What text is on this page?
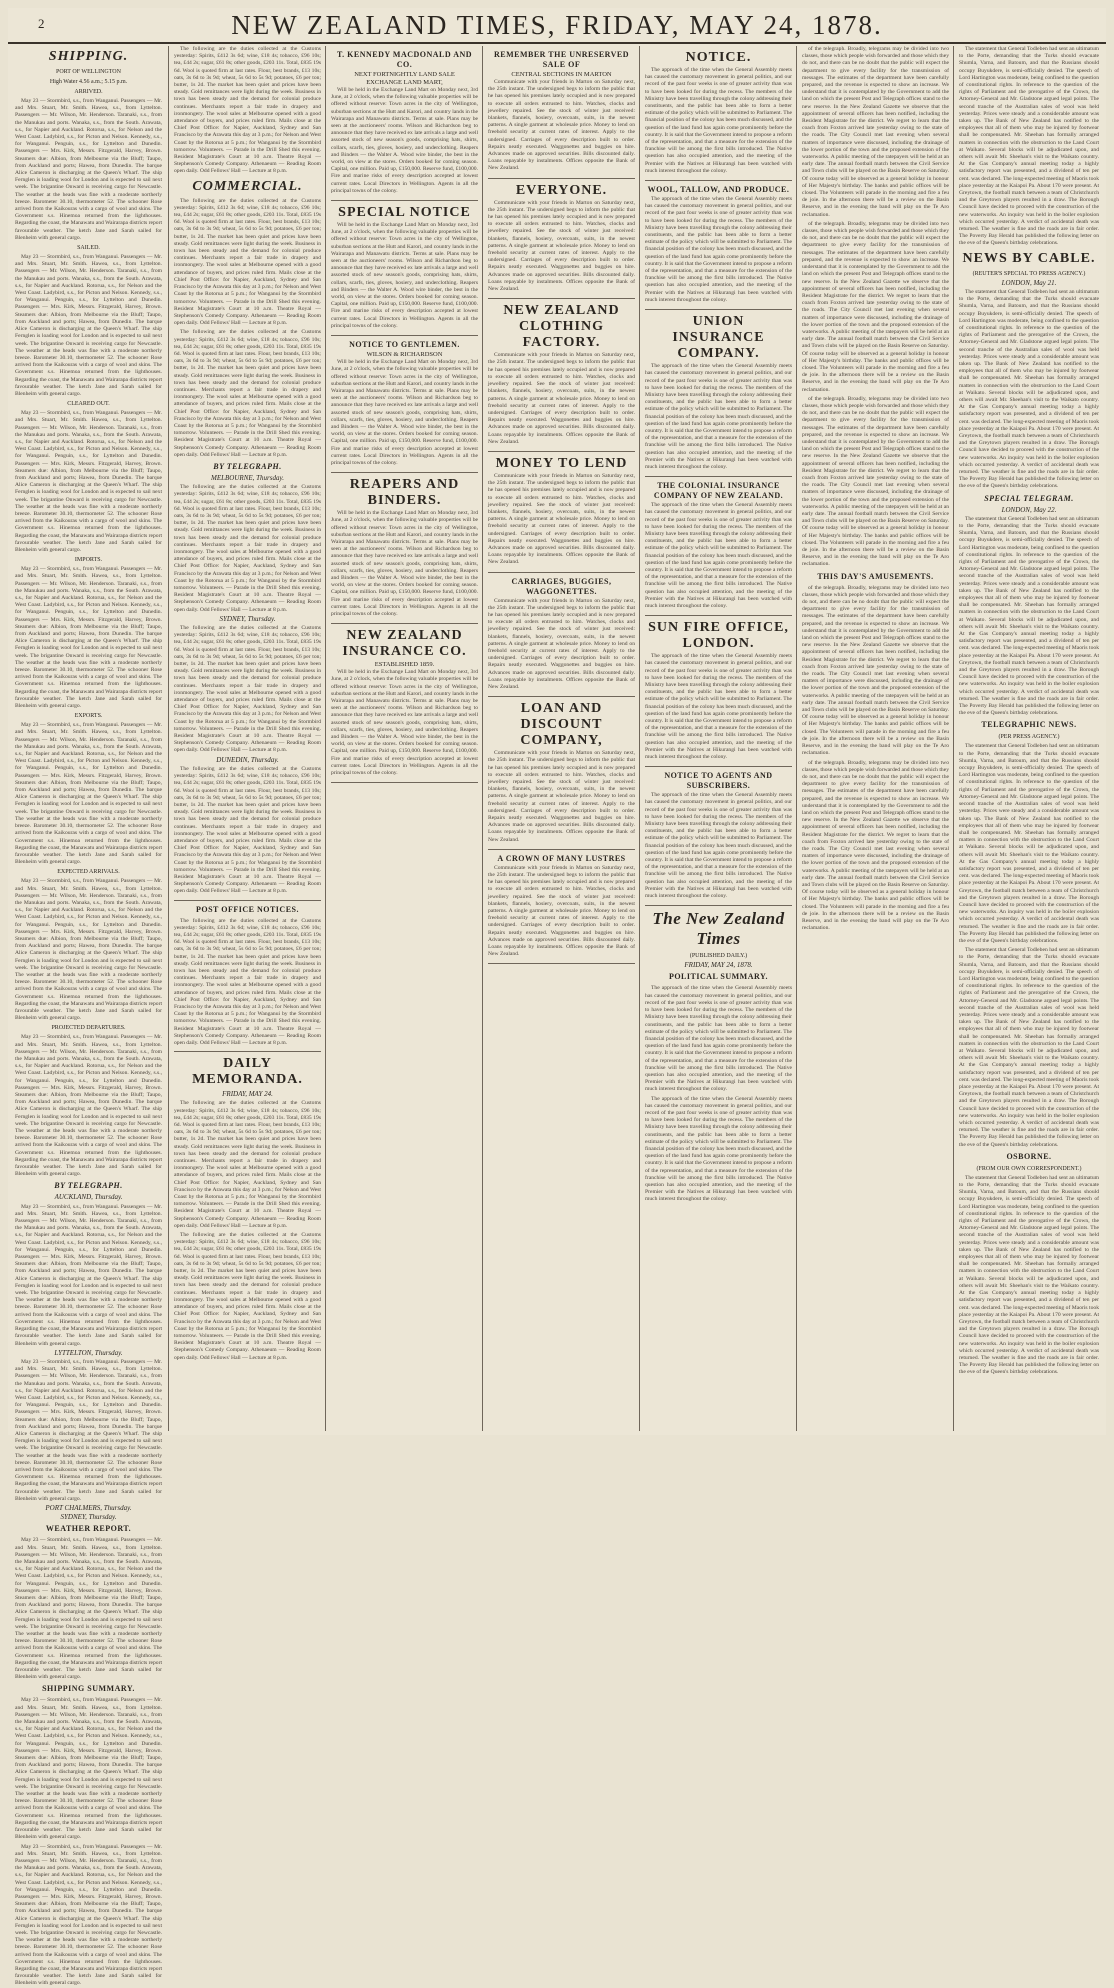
2	NEW ZEALAND TIMES, FRIDAY, MAY 24, 1878.
SHIPPING.
PORT OF WELLINGTON
High Water 4.56 a.m.; 5.15 p.m.
ARRIVED.

May 23 — Stormbird, s.s., from Wanganui. Passengers — Mr. and Mrs. Stuart, Mr. Smith. Hawea, s.s., from Lyttelton. Passengers — Mr. Wilson, Mr. Henderson. Taranaki, s.s., from the Manukau and ports. Wanaka, s.s., from the South. Arawata, s.s., for Napier and Auckland. Rotorua, s.s., for Nelson and the West Coast. Ladybird, s.s., for Picton and Nelson. Kennedy, s.s., for Wanganui. Penguin, s.s., for Lyttelton and Dunedin. Passengers — Mrs. Kirk, Messrs. Fitzgerald, Harvey, Brown. Steamers due: Albion, from Melbourne via the Bluff; Taupo, from Auckland and ports; Hawea, from Dunedin. The barque Alice Cameron is discharging at the Queen's Wharf. The ship Fernglen is loading wool for London and is expected to sail next week. The brigantine Onward is receiving cargo for Newcastle. The weather at the heads was fine with a moderate northerly breeze. Barometer 30.10, thermometer 52. The schooner Rose arrived from the Kaikouras with a cargo of wool and skins. The Government s.s. Hinemoa returned from the lighthouses. Regarding the coast, the Manawatu and Wairarapa districts report favourable weather. The ketch Jane and Sarah sailed for Blenheim with general cargo.

SAILED.

May 23 — Stormbird, s.s., from Wanganui. Passengers — Mr. and Mrs. Stuart, Mr. Smith. Hawea, s.s., from Lyttelton. Passengers — Mr. Wilson, Mr. Henderson. Taranaki, s.s., from the Manukau and ports. Wanaka, s.s., from the South. Arawata, s.s., for Napier and Auckland. Rotorua, s.s., for Nelson and the West Coast. Ladybird, s.s., for Picton and Nelson. Kennedy, s.s., for Wanganui. Penguin, s.s., for Lyttelton and Dunedin. Passengers — Mrs. Kirk, Messrs. Fitzgerald, Harvey, Brown. Steamers due: Albion, from Melbourne via the Bluff; Taupo, from Auckland and ports; Hawea, from Dunedin. The barque Alice Cameron is discharging at the Queen's Wharf. The ship Fernglen is loading wool for London and is expected to sail next week. The brigantine Onward is receiving cargo for Newcastle. The weather at the heads was fine with a moderate northerly breeze. Barometer 30.10, thermometer 52. The schooner Rose arrived from the Kaikouras with a cargo of wool and skins. The Government s.s. Hinemoa returned from the lighthouses. Regarding the coast, the Manawatu and Wairarapa districts report favourable weather. The ketch Jane and Sarah sailed for Blenheim with general cargo.

CLEARED OUT.

May 23 — Stormbird, s.s., from Wanganui. Passengers — Mr. and Mrs. Stuart, Mr. Smith. Hawea, s.s., from Lyttelton. Passengers — Mr. Wilson, Mr. Henderson. Taranaki, s.s., from the Manukau and ports. Wanaka, s.s., from the South. Arawata, s.s., for Napier and Auckland. Rotorua, s.s., for Nelson and the West Coast. Ladybird, s.s., for Picton and Nelson. Kennedy, s.s., for Wanganui. Penguin, s.s., for Lyttelton and Dunedin. Passengers — Mrs. Kirk, Messrs. Fitzgerald, Harvey, Brown. Steamers due: Albion, from Melbourne via the Bluff; Taupo, from Auckland and ports; Hawea, from Dunedin. The barque Alice Cameron is discharging at the Queen's Wharf. The ship Fernglen is loading wool for London and is expected to sail next week. The brigantine Onward is receiving cargo for Newcastle. The weather at the heads was fine with a moderate northerly breeze. Barometer 30.10, thermometer 52. The schooner Rose arrived from the Kaikouras with a cargo of wool and skins. The Government s.s. Hinemoa returned from the lighthouses. Regarding the coast, the Manawatu and Wairarapa districts report favourable weather. The ketch Jane and Sarah sailed for Blenheim with general cargo.

IMPORTS.

May 23 — Stormbird, s.s., from Wanganui. Passengers — Mr. and Mrs. Stuart, Mr. Smith. Hawea, s.s., from Lyttelton. Passengers — Mr. Wilson, Mr. Henderson. Taranaki, s.s., from the Manukau and ports. Wanaka, s.s., from the South. Arawata, s.s., for Napier and Auckland. Rotorua, s.s., for Nelson and the West Coast. Ladybird, s.s., for Picton and Nelson. Kennedy, s.s., for Wanganui. Penguin, s.s., for Lyttelton and Dunedin. Passengers — Mrs. Kirk, Messrs. Fitzgerald, Harvey, Brown. Steamers due: Albion, from Melbourne via the Bluff; Taupo, from Auckland and ports; Hawea, from Dunedin. The barque Alice Cameron is discharging at the Queen's Wharf. The ship Fernglen is loading wool for London and is expected to sail next week. The brigantine Onward is receiving cargo for Newcastle. The weather at the heads was fine with a moderate northerly breeze. Barometer 30.10, thermometer 52. The schooner Rose arrived from the Kaikouras with a cargo of wool and skins. The Government s.s. Hinemoa returned from the lighthouses. Regarding the coast, the Manawatu and Wairarapa districts report favourable weather. The ketch Jane and Sarah sailed for Blenheim with general cargo.

EXPORTS.

May 23 — Stormbird, s.s., from Wanganui. Passengers — Mr. and Mrs. Stuart, Mr. Smith. Hawea, s.s., from Lyttelton. Passengers — Mr. Wilson, Mr. Henderson. Taranaki, s.s., from the Manukau and ports. Wanaka, s.s., from the South. Arawata, s.s., for Napier and Auckland. Rotorua, s.s., for Nelson and the West Coast. Ladybird, s.s., for Picton and Nelson. Kennedy, s.s., for Wanganui. Penguin, s.s., for Lyttelton and Dunedin. Passengers — Mrs. Kirk, Messrs. Fitzgerald, Harvey, Brown. Steamers due: Albion, from Melbourne via the Bluff; Taupo, from Auckland and ports; Hawea, from Dunedin. The barque Alice Cameron is discharging at the Queen's Wharf. The ship Fernglen is loading wool for London and is expected to sail next week. The brigantine Onward is receiving cargo for Newcastle. The weather at the heads was fine with a moderate northerly breeze. Barometer 30.10, thermometer 52. The schooner Rose arrived from the Kaikouras with a cargo of wool and skins. The Government s.s. Hinemoa returned from the lighthouses. Regarding the coast, the Manawatu and Wairarapa districts report favourable weather. The ketch Jane and Sarah sailed for Blenheim with general cargo.

EXPECTED ARRIVALS.

May 23 — Stormbird, s.s., from Wanganui. Passengers — Mr. and Mrs. Stuart, Mr. Smith. Hawea, s.s., from Lyttelton. Passengers — Mr. Wilson, Mr. Henderson. Taranaki, s.s., from the Manukau and ports. Wanaka, s.s., from the South. Arawata, s.s., for Napier and Auckland. Rotorua, s.s., for Nelson and the West Coast. Ladybird, s.s., for Picton and Nelson. Kennedy, s.s., for Wanganui. Penguin, s.s., for Lyttelton and Dunedin. Passengers — Mrs. Kirk, Messrs. Fitzgerald, Harvey, Brown. Steamers due: Albion, from Melbourne via the Bluff; Taupo, from Auckland and ports; Hawea, from Dunedin. The barque Alice Cameron is discharging at the Queen's Wharf. The ship Fernglen is loading wool for London and is expected to sail next week. The brigantine Onward is receiving cargo for Newcastle. The weather at the heads was fine with a moderate northerly breeze. Barometer 30.10, thermometer 52. The schooner Rose arrived from the Kaikouras with a cargo of wool and skins. The Government s.s. Hinemoa returned from the lighthouses. Regarding the coast, the Manawatu and Wairarapa districts report favourable weather. The ketch Jane and Sarah sailed for Blenheim with general cargo.

PROJECTED DEPARTURES.

May 23 — Stormbird, s.s., from Wanganui. Passengers — Mr. and Mrs. Stuart, Mr. Smith. Hawea, s.s., from Lyttelton. Passengers — Mr. Wilson, Mr. Henderson. Taranaki, s.s., from the Manukau and ports. Wanaka, s.s., from the South. Arawata, s.s., for Napier and Auckland. Rotorua, s.s., for Nelson and the West Coast. Ladybird, s.s., for Picton and Nelson. Kennedy, s.s., for Wanganui. Penguin, s.s., for Lyttelton and Dunedin. Passengers — Mrs. Kirk, Messrs. Fitzgerald, Harvey, Brown. Steamers due: Albion, from Melbourne via the Bluff; Taupo, from Auckland and ports; Hawea, from Dunedin. The barque Alice Cameron is discharging at the Queen's Wharf. The ship Fernglen is loading wool for London and is expected to sail next week. The brigantine Onward is receiving cargo for Newcastle. The weather at the heads was fine with a moderate northerly breeze. Barometer 30.10, thermometer 52. The schooner Rose arrived from the Kaikouras with a cargo of wool and skins. The Government s.s. Hinemoa returned from the lighthouses. Regarding the coast, the Manawatu and Wairarapa districts report favourable weather. The ketch Jane and Sarah sailed for Blenheim with general cargo.

BY TELEGRAPH.
AUCKLAND, Thursday.

May 23 — Stormbird, s.s., from Wanganui. Passengers — Mr. and Mrs. Stuart, Mr. Smith. Hawea, s.s., from Lyttelton. Passengers — Mr. Wilson, Mr. Henderson. Taranaki, s.s., from the Manukau and ports. Wanaka, s.s., from the South. Arawata, s.s., for Napier and Auckland. Rotorua, s.s., for Nelson and the West Coast. Ladybird, s.s., for Picton and Nelson. Kennedy, s.s., for Wanganui. Penguin, s.s., for Lyttelton and Dunedin. Passengers — Mrs. Kirk, Messrs. Fitzgerald, Harvey, Brown. Steamers due: Albion, from Melbourne via the Bluff; Taupo, from Auckland and ports; Hawea, from Dunedin. The barque Alice Cameron is discharging at the Queen's Wharf. The ship Fernglen is loading wool for London and is expected to sail next week. The brigantine Onward is receiving cargo for Newcastle. The weather at the heads was fine with a moderate northerly breeze. Barometer 30.10, thermometer 52. The schooner Rose arrived from the Kaikouras with a cargo of wool and skins. The Government s.s. Hinemoa returned from the lighthouses. Regarding the coast, the Manawatu and Wairarapa districts report favourable weather. The ketch Jane and Sarah sailed for Blenheim with general cargo.

LYTTELTON, Thursday.

May 23 — Stormbird, s.s., from Wanganui. Passengers — Mr. and Mrs. Stuart, Mr. Smith. Hawea, s.s., from Lyttelton. Passengers — Mr. Wilson, Mr. Henderson. Taranaki, s.s., from the Manukau and ports. Wanaka, s.s., from the South. Arawata, s.s., for Napier and Auckland. Rotorua, s.s., for Nelson and the West Coast. Ladybird, s.s., for Picton and Nelson. Kennedy, s.s., for Wanganui. Penguin, s.s., for Lyttelton and Dunedin. Passengers — Mrs. Kirk, Messrs. Fitzgerald, Harvey, Brown. Steamers due: Albion, from Melbourne via the Bluff; Taupo, from Auckland and ports; Hawea, from Dunedin. The barque Alice Cameron is discharging at the Queen's Wharf. The ship Fernglen is loading wool for London and is expected to sail next week. The brigantine Onward is receiving cargo for Newcastle. The weather at the heads was fine with a moderate northerly breeze. Barometer 30.10, thermometer 52. The schooner Rose arrived from the Kaikouras with a cargo of wool and skins. The Government s.s. Hinemoa returned from the lighthouses. Regarding the coast, the Manawatu and Wairarapa districts report favourable weather. The ketch Jane and Sarah sailed for Blenheim with general cargo.

PORT CHALMERS, Thursday.
SYDNEY, Thursday.
WEATHER REPORT.

May 23 — Stormbird, s.s., from Wanganui. Passengers — Mr. and Mrs. Stuart, Mr. Smith. Hawea, s.s., from Lyttelton. Passengers — Mr. Wilson, Mr. Henderson. Taranaki, s.s., from the Manukau and ports. Wanaka, s.s., from the South. Arawata, s.s., for Napier and Auckland. Rotorua, s.s., for Nelson and the West Coast. Ladybird, s.s., for Picton and Nelson. Kennedy, s.s., for Wanganui. Penguin, s.s., for Lyttelton and Dunedin. Passengers — Mrs. Kirk, Messrs. Fitzgerald, Harvey, Brown. Steamers due: Albion, from Melbourne via the Bluff; Taupo, from Auckland and ports; Hawea, from Dunedin. The barque Alice Cameron is discharging at the Queen's Wharf. The ship Fernglen is loading wool for London and is expected to sail next week. The brigantine Onward is receiving cargo for Newcastle. The weather at the heads was fine with a moderate northerly breeze. Barometer 30.10, thermometer 52. The schooner Rose arrived from the Kaikouras with a cargo of wool and skins. The Government s.s. Hinemoa returned from the lighthouses. Regarding the coast, the Manawatu and Wairarapa districts report favourable weather. The ketch Jane and Sarah sailed for Blenheim with general cargo.

SHIPPING SUMMARY.

May 23 — Stormbird, s.s., from Wanganui. Passengers — Mr. and Mrs. Stuart, Mr. Smith. Hawea, s.s., from Lyttelton. Passengers — Mr. Wilson, Mr. Henderson. Taranaki, s.s., from the Manukau and ports. Wanaka, s.s., from the South. Arawata, s.s., for Napier and Auckland. Rotorua, s.s., for Nelson and the West Coast. Ladybird, s.s., for Picton and Nelson. Kennedy, s.s., for Wanganui. Penguin, s.s., for Lyttelton and Dunedin. Passengers — Mrs. Kirk, Messrs. Fitzgerald, Harvey, Brown. Steamers due: Albion, from Melbourne via the Bluff; Taupo, from Auckland and ports; Hawea, from Dunedin. The barque Alice Cameron is discharging at the Queen's Wharf. The ship Fernglen is loading wool for London and is expected to sail next week. The brigantine Onward is receiving cargo for Newcastle. The weather at the heads was fine with a moderate northerly breeze. Barometer 30.10, thermometer 52. The schooner Rose arrived from the Kaikouras with a cargo of wool and skins. The Government s.s. Hinemoa returned from the lighthouses. Regarding the coast, the Manawatu and Wairarapa districts report favourable weather. The ketch Jane and Sarah sailed for Blenheim with general cargo.

May 23 — Stormbird, s.s., from Wanganui. Passengers — Mr. and Mrs. Stuart, Mr. Smith. Hawea, s.s., from Lyttelton. Passengers — Mr. Wilson, Mr. Henderson. Taranaki, s.s., from the Manukau and ports. Wanaka, s.s., from the South. Arawata, s.s., for Napier and Auckland. Rotorua, s.s., for Nelson and the West Coast. Ladybird, s.s., for Picton and Nelson. Kennedy, s.s., for Wanganui. Penguin, s.s., for Lyttelton and Dunedin. Passengers — Mrs. Kirk, Messrs. Fitzgerald, Harvey, Brown. Steamers due: Albion, from Melbourne via the Bluff; Taupo, from Auckland and ports; Hawea, from Dunedin. The barque Alice Cameron is discharging at the Queen's Wharf. The ship Fernglen is loading wool for London and is expected to sail next week. The brigantine Onward is receiving cargo for Newcastle. The weather at the heads was fine with a moderate northerly breeze. Barometer 30.10, thermometer 52. The schooner Rose arrived from the Kaikouras with a cargo of wool and skins. The Government s.s. Hinemoa returned from the lighthouses. Regarding the coast, the Manawatu and Wairarapa districts report favourable weather. The ketch Jane and Sarah sailed for Blenheim with general cargo.

The following are the duties collected at the Customs yesterday: Spirits, £412 3s 6d; wine, £18 4s; tobacco, £96 10s; tea, £44 2s; sugar, £61 8s; other goods, £203 11s. Total, £835 19s 6d. Wool is quoted firm at last rates. Flour, best brands, £13 10s; oats, 3s 6d to 3s 9d; wheat, 5s 6d to 5s 9d; potatoes, £6 per ton; butter, 1s 2d. The market has been quiet and prices have been steady. Gold remittances were light during the week. Business in town has been steady and the demand for colonial produce continues. Merchants report a fair trade in drapery and ironmongery. The wool sales at Melbourne opened with a good attendance of buyers, and prices ruled firm. Mails close at the Chief Post Office: for Napier, Auckland, Sydney and San Francisco by the Arawata this day at 3 p.m.; for Nelson and West Coast by the Rotorua at 5 p.m.; for Wanganui by the Stormbird tomorrow. Volunteers. — Parade in the Drill Shed this evening. Resident Magistrate's Court at 10 a.m. Theatre Royal — Stephenson's Comedy Company. Athenaeum — Reading Room open daily. Odd Fellows' Hall — Lecture at 8 p.m.

COMMERCIAL.

The following are the duties collected at the Customs yesterday: Spirits, £412 3s 6d; wine, £18 4s; tobacco, £96 10s; tea, £44 2s; sugar, £61 8s; other goods, £203 11s. Total, £835 19s 6d. Wool is quoted firm at last rates. Flour, best brands, £13 10s; oats, 3s 6d to 3s 9d; wheat, 5s 6d to 5s 9d; potatoes, £6 per ton; butter, 1s 2d. The market has been quiet and prices have been steady. Gold remittances were light during the week. Business in town has been steady and the demand for colonial produce continues. Merchants report a fair trade in drapery and ironmongery. The wool sales at Melbourne opened with a good attendance of buyers, and prices ruled firm. Mails close at the Chief Post Office: for Napier, Auckland, Sydney and San Francisco by the Arawata this day at 3 p.m.; for Nelson and West Coast by the Rotorua at 5 p.m.; for Wanganui by the Stormbird tomorrow. Volunteers. — Parade in the Drill Shed this evening. Resident Magistrate's Court at 10 a.m. Theatre Royal — Stephenson's Comedy Company. Athenaeum — Reading Room open daily. Odd Fellows' Hall — Lecture at 8 p.m.

The following are the duties collected at the Customs yesterday: Spirits, £412 3s 6d; wine, £18 4s; tobacco, £96 10s; tea, £44 2s; sugar, £61 8s; other goods, £203 11s. Total, £835 19s 6d. Wool is quoted firm at last rates. Flour, best brands, £13 10s; oats, 3s 6d to 3s 9d; wheat, 5s 6d to 5s 9d; potatoes, £6 per ton; butter, 1s 2d. The market has been quiet and prices have been steady. Gold remittances were light during the week. Business in town has been steady and the demand for colonial produce continues. Merchants report a fair trade in drapery and ironmongery. The wool sales at Melbourne opened with a good attendance of buyers, and prices ruled firm. Mails close at the Chief Post Office: for Napier, Auckland, Sydney and San Francisco by the Arawata this day at 3 p.m.; for Nelson and West Coast by the Rotorua at 5 p.m.; for Wanganui by the Stormbird tomorrow. Volunteers. — Parade in the Drill Shed this evening. Resident Magistrate's Court at 10 a.m. Theatre Royal — Stephenson's Comedy Company. Athenaeum — Reading Room open daily. Odd Fellows' Hall — Lecture at 8 p.m.

BY TELEGRAPH.
MELBOURNE, Thursday.

The following are the duties collected at the Customs yesterday: Spirits, £412 3s 6d; wine, £18 4s; tobacco, £96 10s; tea, £44 2s; sugar, £61 8s; other goods, £203 11s. Total, £835 19s 6d. Wool is quoted firm at last rates. Flour, best brands, £13 10s; oats, 3s 6d to 3s 9d; wheat, 5s 6d to 5s 9d; potatoes, £6 per ton; butter, 1s 2d. The market has been quiet and prices have been steady. Gold remittances were light during the week. Business in town has been steady and the demand for colonial produce continues. Merchants report a fair trade in drapery and ironmongery. The wool sales at Melbourne opened with a good attendance of buyers, and prices ruled firm. Mails close at the Chief Post Office: for Napier, Auckland, Sydney and San Francisco by the Arawata this day at 3 p.m.; for Nelson and West Coast by the Rotorua at 5 p.m.; for Wanganui by the Stormbird tomorrow. Volunteers. — Parade in the Drill Shed this evening. Resident Magistrate's Court at 10 a.m. Theatre Royal — Stephenson's Comedy Company. Athenaeum — Reading Room open daily. Odd Fellows' Hall — Lecture at 8 p.m.

SYDNEY, Thursday.

The following are the duties collected at the Customs yesterday: Spirits, £412 3s 6d; wine, £18 4s; tobacco, £96 10s; tea, £44 2s; sugar, £61 8s; other goods, £203 11s. Total, £835 19s 6d. Wool is quoted firm at last rates. Flour, best brands, £13 10s; oats, 3s 6d to 3s 9d; wheat, 5s 6d to 5s 9d; potatoes, £6 per ton; butter, 1s 2d. The market has been quiet and prices have been steady. Gold remittances were light during the week. Business in town has been steady and the demand for colonial produce continues. Merchants report a fair trade in drapery and ironmongery. The wool sales at Melbourne opened with a good attendance of buyers, and prices ruled firm. Mails close at the Chief Post Office: for Napier, Auckland, Sydney and San Francisco by the Arawata this day at 3 p.m.; for Nelson and West Coast by the Rotorua at 5 p.m.; for Wanganui by the Stormbird tomorrow. Volunteers. — Parade in the Drill Shed this evening. Resident Magistrate's Court at 10 a.m. Theatre Royal — Stephenson's Comedy Company. Athenaeum — Reading Room open daily. Odd Fellows' Hall — Lecture at 8 p.m.

DUNEDIN, Thursday.

The following are the duties collected at the Customs yesterday: Spirits, £412 3s 6d; wine, £18 4s; tobacco, £96 10s; tea, £44 2s; sugar, £61 8s; other goods, £203 11s. Total, £835 19s 6d. Wool is quoted firm at last rates. Flour, best brands, £13 10s; oats, 3s 6d to 3s 9d; wheat, 5s 6d to 5s 9d; potatoes, £6 per ton; butter, 1s 2d. The market has been quiet and prices have been steady. Gold remittances were light during the week. Business in town has been steady and the demand for colonial produce continues. Merchants report a fair trade in drapery and ironmongery. The wool sales at Melbourne opened with a good attendance of buyers, and prices ruled firm. Mails close at the Chief Post Office: for Napier, Auckland, Sydney and San Francisco by the Arawata this day at 3 p.m.; for Nelson and West Coast by the Rotorua at 5 p.m.; for Wanganui by the Stormbird tomorrow. Volunteers. — Parade in the Drill Shed this evening. Resident Magistrate's Court at 10 a.m. Theatre Royal — Stephenson's Comedy Company. Athenaeum — Reading Room open daily. Odd Fellows' Hall — Lecture at 8 p.m.

POST OFFICE NOTICES.

The following are the duties collected at the Customs yesterday: Spirits, £412 3s 6d; wine, £18 4s; tobacco, £96 10s; tea, £44 2s; sugar, £61 8s; other goods, £203 11s. Total, £835 19s 6d. Wool is quoted firm at last rates. Flour, best brands, £13 10s; oats, 3s 6d to 3s 9d; wheat, 5s 6d to 5s 9d; potatoes, £6 per ton; butter, 1s 2d. The market has been quiet and prices have been steady. Gold remittances were light during the week. Business in town has been steady and the demand for colonial produce continues. Merchants report a fair trade in drapery and ironmongery. The wool sales at Melbourne opened with a good attendance of buyers, and prices ruled firm. Mails close at the Chief Post Office: for Napier, Auckland, Sydney and San Francisco by the Arawata this day at 3 p.m.; for Nelson and West Coast by the Rotorua at 5 p.m.; for Wanganui by the Stormbird tomorrow. Volunteers. — Parade in the Drill Shed this evening. Resident Magistrate's Court at 10 a.m. Theatre Royal — Stephenson's Comedy Company. Athenaeum — Reading Room open daily. Odd Fellows' Hall — Lecture at 8 p.m.

DAILY MEMORANDA.
FRIDAY, MAY 24.

The following are the duties collected at the Customs yesterday: Spirits, £412 3s 6d; wine, £18 4s; tobacco, £96 10s; tea, £44 2s; sugar, £61 8s; other goods, £203 11s. Total, £835 19s 6d. Wool is quoted firm at last rates. Flour, best brands, £13 10s; oats, 3s 6d to 3s 9d; wheat, 5s 6d to 5s 9d; potatoes, £6 per ton; butter, 1s 2d. The market has been quiet and prices have been steady. Gold remittances were light during the week. Business in town has been steady and the demand for colonial produce continues. Merchants report a fair trade in drapery and ironmongery. The wool sales at Melbourne opened with a good attendance of buyers, and prices ruled firm. Mails close at the Chief Post Office: for Napier, Auckland, Sydney and San Francisco by the Arawata this day at 3 p.m.; for Nelson and West Coast by the Rotorua at 5 p.m.; for Wanganui by the Stormbird tomorrow. Volunteers. — Parade in the Drill Shed this evening. Resident Magistrate's Court at 10 a.m. Theatre Royal — Stephenson's Comedy Company. Athenaeum — Reading Room open daily. Odd Fellows' Hall — Lecture at 8 p.m.

The following are the duties collected at the Customs yesterday: Spirits, £412 3s 6d; wine, £18 4s; tobacco, £96 10s; tea, £44 2s; sugar, £61 8s; other goods, £203 11s. Total, £835 19s 6d. Wool is quoted firm at last rates. Flour, best brands, £13 10s; oats, 3s 6d to 3s 9d; wheat, 5s 6d to 5s 9d; potatoes, £6 per ton; butter, 1s 2d. The market has been quiet and prices have been steady. Gold remittances were light during the week. Business in town has been steady and the demand for colonial produce continues. Merchants report a fair trade in drapery and ironmongery. The wool sales at Melbourne opened with a good attendance of buyers, and prices ruled firm. Mails close at the Chief Post Office: for Napier, Auckland, Sydney and San Francisco by the Arawata this day at 3 p.m.; for Nelson and West Coast by the Rotorua at 5 p.m.; for Wanganui by the Stormbird tomorrow. Volunteers. — Parade in the Drill Shed this evening. Resident Magistrate's Court at 10 a.m. Theatre Royal — Stephenson's Comedy Company. Athenaeum — Reading Room open daily. Odd Fellows' Hall — Lecture at 8 p.m.

T. KENNEDY MACDONALD AND CO.
NEXT FORTNIGHTLY LAND SALE
EXCHANGE LAND MART,

Will be held in the Exchange Land Mart on Monday next, 3rd June, at 2 o'clock, when the following valuable properties will be offered without reserve: Town acres in the city of Wellington, suburban sections at the Hutt and Karori, and country lands in the Wairarapa and Manawatu districts. Terms at sale. Plans may be seen at the auctioneers' rooms. Wilson and Richardson beg to announce that they have received ex late arrivals a large and well assorted stock of new season's goods, comprising hats, shirts, collars, scarfs, ties, gloves, hosiery, and underclothing. Reapers and Binders — the Walter A. Wood wire binder, the best in the world, on view at the stores. Orders booked for coming season. Capital, one million. Paid up, £150,000. Reserve fund, £100,000. Fire and marine risks of every description accepted at lowest current rates. Local Directors in Wellington. Agents in all the principal towns of the colony.

SPECIAL NOTICE

Will be held in the Exchange Land Mart on Monday next, 3rd June, at 2 o'clock, when the following valuable properties will be offered without reserve: Town acres in the city of Wellington, suburban sections at the Hutt and Karori, and country lands in the Wairarapa and Manawatu districts. Terms at sale. Plans may be seen at the auctioneers' rooms. Wilson and Richardson beg to announce that they have received ex late arrivals a large and well assorted stock of new season's goods, comprising hats, shirts, collars, scarfs, ties, gloves, hosiery, and underclothing. Reapers and Binders — the Walter A. Wood wire binder, the best in the world, on view at the stores. Orders booked for coming season. Capital, one million. Paid up, £150,000. Reserve fund, £100,000. Fire and marine risks of every description accepted at lowest current rates. Local Directors in Wellington. Agents in all the principal towns of the colony.

NOTICE TO GENTLEMEN.
WILSON & RICHARDSON

Will be held in the Exchange Land Mart on Monday next, 3rd June, at 2 o'clock, when the following valuable properties will be offered without reserve: Town acres in the city of Wellington, suburban sections at the Hutt and Karori, and country lands in the Wairarapa and Manawatu districts. Terms at sale. Plans may be seen at the auctioneers' rooms. Wilson and Richardson beg to announce that they have received ex late arrivals a large and well assorted stock of new season's goods, comprising hats, shirts, collars, scarfs, ties, gloves, hosiery, and underclothing. Reapers and Binders — the Walter A. Wood wire binder, the best in the world, on view at the stores. Orders booked for coming season. Capital, one million. Paid up, £150,000. Reserve fund, £100,000. Fire and marine risks of every description accepted at lowest current rates. Local Directors in Wellington. Agents in all the principal towns of the colony.

REAPERS AND BINDERS.

Will be held in the Exchange Land Mart on Monday next, 3rd June, at 2 o'clock, when the following valuable properties will be offered without reserve: Town acres in the city of Wellington, suburban sections at the Hutt and Karori, and country lands in the Wairarapa and Manawatu districts. Terms at sale. Plans may be seen at the auctioneers' rooms. Wilson and Richardson beg to announce that they have received ex late arrivals a large and well assorted stock of new season's goods, comprising hats, shirts, collars, scarfs, ties, gloves, hosiery, and underclothing. Reapers and Binders — the Walter A. Wood wire binder, the best in the world, on view at the stores. Orders booked for coming season. Capital, one million. Paid up, £150,000. Reserve fund, £100,000. Fire and marine risks of every description accepted at lowest current rates. Local Directors in Wellington. Agents in all the principal towns of the colony.

NEW ZEALAND INSURANCE CO.
ESTABLISHED 1859.

Will be held in the Exchange Land Mart on Monday next, 3rd June, at 2 o'clock, when the following valuable properties will be offered without reserve: Town acres in the city of Wellington, suburban sections at the Hutt and Karori, and country lands in the Wairarapa and Manawatu districts. Terms at sale. Plans may be seen at the auctioneers' rooms. Wilson and Richardson beg to announce that they have received ex late arrivals a large and well assorted stock of new season's goods, comprising hats, shirts, collars, scarfs, ties, gloves, hosiery, and underclothing. Reapers and Binders — the Walter A. Wood wire binder, the best in the world, on view at the stores. Orders booked for coming season. Capital, one million. Paid up, £150,000. Reserve fund, £100,000. Fire and marine risks of every description accepted at lowest current rates. Local Directors in Wellington. Agents in all the principal towns of the colony.

REMEMBER THE UNRESERVED SALE OF
CENTRAL SECTIONS IN MARTON

Communicate with your friends in Marton on Saturday next, the 25th instant. The undersigned begs to inform the public that he has opened his premises lately occupied and is now prepared to execute all orders entrusted to him. Watches, clocks and jewellery repaired. See the stock of winter just received: blankets, flannels, hosiery, overcoats, suits, in the newest patterns. A single garment at wholesale price. Money to lend on freehold security at current rates of interest. Apply to the undersigned. Carriages of every description built to order. Repairs neatly executed. Waggonettes and buggies on hire. Advances made on approved securities. Bills discounted daily. Loans repayable by instalments. Offices opposite the Bank of New Zealand.

EVERYONE.

Communicate with your friends in Marton on Saturday next, the 25th instant. The undersigned begs to inform the public that he has opened his premises lately occupied and is now prepared to execute all orders entrusted to him. Watches, clocks and jewellery repaired. See the stock of winter just received: blankets, flannels, hosiery, overcoats, suits, in the newest patterns. A single garment at wholesale price. Money to lend on freehold security at current rates of interest. Apply to the undersigned. Carriages of every description built to order. Repairs neatly executed. Waggonettes and buggies on hire. Advances made on approved securities. Bills discounted daily. Loans repayable by instalments. Offices opposite the Bank of New Zealand.

NEW ZEALAND CLOTHING FACTORY.

Communicate with your friends in Marton on Saturday next, the 25th instant. The undersigned begs to inform the public that he has opened his premises lately occupied and is now prepared to execute all orders entrusted to him. Watches, clocks and jewellery repaired. See the stock of winter just received: blankets, flannels, hosiery, overcoats, suits, in the newest patterns. A single garment at wholesale price. Money to lend on freehold security at current rates of interest. Apply to the undersigned. Carriages of every description built to order. Repairs neatly executed. Waggonettes and buggies on hire. Advances made on approved securities. Bills discounted daily. Loans repayable by instalments. Offices opposite the Bank of New Zealand.

MONEY TO LEND

Communicate with your friends in Marton on Saturday next, the 25th instant. The undersigned begs to inform the public that he has opened his premises lately occupied and is now prepared to execute all orders entrusted to him. Watches, clocks and jewellery repaired. See the stock of winter just received: blankets, flannels, hosiery, overcoats, suits, in the newest patterns. A single garment at wholesale price. Money to lend on freehold security at current rates of interest. Apply to the undersigned. Carriages of every description built to order. Repairs neatly executed. Waggonettes and buggies on hire. Advances made on approved securities. Bills discounted daily. Loans repayable by instalments. Offices opposite the Bank of New Zealand.

CARRIAGES, BUGGIES, WAGGONETTES.

Communicate with your friends in Marton on Saturday next, the 25th instant. The undersigned begs to inform the public that he has opened his premises lately occupied and is now prepared to execute all orders entrusted to him. Watches, clocks and jewellery repaired. See the stock of winter just received: blankets, flannels, hosiery, overcoats, suits, in the newest patterns. A single garment at wholesale price. Money to lend on freehold security at current rates of interest. Apply to the undersigned. Carriages of every description built to order. Repairs neatly executed. Waggonettes and buggies on hire. Advances made on approved securities. Bills discounted daily. Loans repayable by instalments. Offices opposite the Bank of New Zealand.

LOAN AND DISCOUNT COMPANY,

Communicate with your friends in Marton on Saturday next, the 25th instant. The undersigned begs to inform the public that he has opened his premises lately occupied and is now prepared to execute all orders entrusted to him. Watches, clocks and jewellery repaired. See the stock of winter just received: blankets, flannels, hosiery, overcoats, suits, in the newest patterns. A single garment at wholesale price. Money to lend on freehold security at current rates of interest. Apply to the undersigned. Carriages of every description built to order. Repairs neatly executed. Waggonettes and buggies on hire. Advances made on approved securities. Bills discounted daily. Loans repayable by instalments. Offices opposite the Bank of New Zealand.

A CROWN OF MANY LUSTRES

Communicate with your friends in Marton on Saturday next, the 25th instant. The undersigned begs to inform the public that he has opened his premises lately occupied and is now prepared to execute all orders entrusted to him. Watches, clocks and jewellery repaired. See the stock of winter just received: blankets, flannels, hosiery, overcoats, suits, in the newest patterns. A single garment at wholesale price. Money to lend on freehold security at current rates of interest. Apply to the undersigned. Carriages of every description built to order. Repairs neatly executed. Waggonettes and buggies on hire. Advances made on approved securities. Bills discounted daily. Loans repayable by instalments. Offices opposite the Bank of New Zealand.

NOTICE.

The approach of the time when the General Assembly meets has caused the customary movement in general politics, and our record of the past four weeks is one of greater activity than was to have been looked for during the recess. The members of the Ministry have been travelling through the colony addressing their constituents, and the public has been able to form a better estimate of the policy which will be submitted to Parliament. The financial position of the colony has been much discussed, and the question of the land fund has again come prominently before the country. It is said that the Government intend to propose a reform of the representation, and that a measure for the extension of the franchise will be among the first bills introduced. The Native question has also occupied attention, and the meeting of the Premier with the Natives at Hikurangi has been watched with much interest throughout the colony.

WOOL, TALLOW, AND PRODUCE.

The approach of the time when the General Assembly meets has caused the customary movement in general politics, and our record of the past four weeks is one of greater activity than was to have been looked for during the recess. The members of the Ministry have been travelling through the colony addressing their constituents, and the public has been able to form a better estimate of the policy which will be submitted to Parliament. The financial position of the colony has been much discussed, and the question of the land fund has again come prominently before the country. It is said that the Government intend to propose a reform of the representation, and that a measure for the extension of the franchise will be among the first bills introduced. The Native question has also occupied attention, and the meeting of the Premier with the Natives at Hikurangi has been watched with much interest throughout the colony.

UNION INSURANCE COMPANY.

The approach of the time when the General Assembly meets has caused the customary movement in general politics, and our record of the past four weeks is one of greater activity than was to have been looked for during the recess. The members of the Ministry have been travelling through the colony addressing their constituents, and the public has been able to form a better estimate of the policy which will be submitted to Parliament. The financial position of the colony has been much discussed, and the question of the land fund has again come prominently before the country. It is said that the Government intend to propose a reform of the representation, and that a measure for the extension of the franchise will be among the first bills introduced. The Native question has also occupied attention, and the meeting of the Premier with the Natives at Hikurangi has been watched with much interest throughout the colony.

THE COLONIAL INSURANCE COMPANY OF NEW ZEALAND.

The approach of the time when the General Assembly meets has caused the customary movement in general politics, and our record of the past four weeks is one of greater activity than was to have been looked for during the recess. The members of the Ministry have been travelling through the colony addressing their constituents, and the public has been able to form a better estimate of the policy which will be submitted to Parliament. The financial position of the colony has been much discussed, and the question of the land fund has again come prominently before the country. It is said that the Government intend to propose a reform of the representation, and that a measure for the extension of the franchise will be among the first bills introduced. The Native question has also occupied attention, and the meeting of the Premier with the Natives at Hikurangi has been watched with much interest throughout the colony.

SUN FIRE OFFICE, LONDON.

The approach of the time when the General Assembly meets has caused the customary movement in general politics, and our record of the past four weeks is one of greater activity than was to have been looked for during the recess. The members of the Ministry have been travelling through the colony addressing their constituents, and the public has been able to form a better estimate of the policy which will be submitted to Parliament. The financial position of the colony has been much discussed, and the question of the land fund has again come prominently before the country. It is said that the Government intend to propose a reform of the representation, and that a measure for the extension of the franchise will be among the first bills introduced. The Native question has also occupied attention, and the meeting of the Premier with the Natives at Hikurangi has been watched with much interest throughout the colony.

NOTICE TO AGENTS AND SUBSCRIBERS.

The approach of the time when the General Assembly meets has caused the customary movement in general politics, and our record of the past four weeks is one of greater activity than was to have been looked for during the recess. The members of the Ministry have been travelling through the colony addressing their constituents, and the public has been able to form a better estimate of the policy which will be submitted to Parliament. The financial position of the colony has been much discussed, and the question of the land fund has again come prominently before the country. It is said that the Government intend to propose a reform of the representation, and that a measure for the extension of the franchise will be among the first bills introduced. The Native question has also occupied attention, and the meeting of the Premier with the Natives at Hikurangi has been watched with much interest throughout the colony.

The New Zealand Times
(PUBLISHED DAILY.)
FRIDAY, MAY 24, 1878.
POLITICAL SUMMARY.

The approach of the time when the General Assembly meets has caused the customary movement in general politics, and our record of the past four weeks is one of greater activity than was to have been looked for during the recess. The members of the Ministry have been travelling through the colony addressing their constituents, and the public has been able to form a better estimate of the policy which will be submitted to Parliament. The financial position of the colony has been much discussed, and the question of the land fund has again come prominently before the country. It is said that the Government intend to propose a reform of the representation, and that a measure for the extension of the franchise will be among the first bills introduced. The Native question has also occupied attention, and the meeting of the Premier with the Natives at Hikurangi has been watched with much interest throughout the colony.

The approach of the time when the General Assembly meets has caused the customary movement in general politics, and our record of the past four weeks is one of greater activity than was to have been looked for during the recess. The members of the Ministry have been travelling through the colony addressing their constituents, and the public has been able to form a better estimate of the policy which will be submitted to Parliament. The financial position of the colony has been much discussed, and the question of the land fund has again come prominently before the country. It is said that the Government intend to propose a reform of the representation, and that a measure for the extension of the franchise will be among the first bills introduced. The Native question has also occupied attention, and the meeting of the Premier with the Natives at Hikurangi has been watched with much interest throughout the colony.

of the telegraph. Broadly, telegrams may be divided into two classes, those which people wish forwarded and those which they do not, and there can be no doubt that the public will expect the department to give every facility for the transmission of messages. The estimates of the department have been carefully prepared, and the revenue is expected to show an increase. We understand that it is contemplated by the Government to add the land on which the present Post and Telegraph offices stand to the new reserve. In the New Zealand Gazette we observe that the appointment of several officers has been notified, including the Resident Magistrate for the district. We regret to learn that the coach from Foxton arrived late yesterday owing to the state of the roads. The City Council met last evening when several matters of importance were discussed, including the drainage of the lower portion of the town and the proposed extension of the waterworks. A public meeting of the ratepayers will be held at an early date. The annual football match between the Civil Service and Town clubs will be played on the Basin Reserve on Saturday. Of course today will be observed as a general holiday in honour of Her Majesty's birthday. The banks and public offices will be closed. The Volunteers will parade in the morning and fire a feu de joie. In the afternoon there will be a review on the Basin Reserve, and in the evening the band will play on the Te Aro reclamation.

of the telegraph. Broadly, telegrams may be divided into two classes, those which people wish forwarded and those which they do not, and there can be no doubt that the public will expect the department to give every facility for the transmission of messages. The estimates of the department have been carefully prepared, and the revenue is expected to show an increase. We understand that it is contemplated by the Government to add the land on which the present Post and Telegraph offices stand to the new reserve. In the New Zealand Gazette we observe that the appointment of several officers has been notified, including the Resident Magistrate for the district. We regret to learn that the coach from Foxton arrived late yesterday owing to the state of the roads. The City Council met last evening when several matters of importance were discussed, including the drainage of the lower portion of the town and the proposed extension of the waterworks. A public meeting of the ratepayers will be held at an early date. The annual football match between the Civil Service and Town clubs will be played on the Basin Reserve on Saturday. Of course today will be observed as a general holiday in honour of Her Majesty's birthday. The banks and public offices will be closed. The Volunteers will parade in the morning and fire a feu de joie. In the afternoon there will be a review on the Basin Reserve, and in the evening the band will play on the Te Aro reclamation.

of the telegraph. Broadly, telegrams may be divided into two classes, those which people wish forwarded and those which they do not, and there can be no doubt that the public will expect the department to give every facility for the transmission of messages. The estimates of the department have been carefully prepared, and the revenue is expected to show an increase. We understand that it is contemplated by the Government to add the land on which the present Post and Telegraph offices stand to the new reserve. In the New Zealand Gazette we observe that the appointment of several officers has been notified, including the Resident Magistrate for the district. We regret to learn that the coach from Foxton arrived late yesterday owing to the state of the roads. The City Council met last evening when several matters of importance were discussed, including the drainage of the lower portion of the town and the proposed extension of the waterworks. A public meeting of the ratepayers will be held at an early date. The annual football match between the Civil Service and Town clubs will be played on the Basin Reserve on Saturday. Of course today will be observed as a general holiday in honour of Her Majesty's birthday. The banks and public offices will be closed. The Volunteers will parade in the morning and fire a feu de joie. In the afternoon there will be a review on the Basin Reserve, and in the evening the band will play on the Te Aro reclamation.

THIS DAY'S AMUSEMENTS.

of the telegraph. Broadly, telegrams may be divided into two classes, those which people wish forwarded and those which they do not, and there can be no doubt that the public will expect the department to give every facility for the transmission of messages. The estimates of the department have been carefully prepared, and the revenue is expected to show an increase. We understand that it is contemplated by the Government to add the land on which the present Post and Telegraph offices stand to the new reserve. In the New Zealand Gazette we observe that the appointment of several officers has been notified, including the Resident Magistrate for the district. We regret to learn that the coach from Foxton arrived late yesterday owing to the state of the roads. The City Council met last evening when several matters of importance were discussed, including the drainage of the lower portion of the town and the proposed extension of the waterworks. A public meeting of the ratepayers will be held at an early date. The annual football match between the Civil Service and Town clubs will be played on the Basin Reserve on Saturday. Of course today will be observed as a general holiday in honour of Her Majesty's birthday. The banks and public offices will be closed. The Volunteers will parade in the morning and fire a feu de joie. In the afternoon there will be a review on the Basin Reserve, and in the evening the band will play on the Te Aro reclamation.

of the telegraph. Broadly, telegrams may be divided into two classes, those which people wish forwarded and those which they do not, and there can be no doubt that the public will expect the department to give every facility for the transmission of messages. The estimates of the department have been carefully prepared, and the revenue is expected to show an increase. We understand that it is contemplated by the Government to add the land on which the present Post and Telegraph offices stand to the new reserve. In the New Zealand Gazette we observe that the appointment of several officers has been notified, including the Resident Magistrate for the district. We regret to learn that the coach from Foxton arrived late yesterday owing to the state of the roads. The City Council met last evening when several matters of importance were discussed, including the drainage of the lower portion of the town and the proposed extension of the waterworks. A public meeting of the ratepayers will be held at an early date. The annual football match between the Civil Service and Town clubs will be played on the Basin Reserve on Saturday. Of course today will be observed as a general holiday in honour of Her Majesty's birthday. The banks and public offices will be closed. The Volunteers will parade in the morning and fire a feu de joie. In the afternoon there will be a review on the Basin Reserve, and in the evening the band will play on the Te Aro reclamation.

The statement that General Todleben had sent an ultimatum to the Porte, demanding that the Turks should evacuate Shumla, Varna, and Batoum, and that the Russians should occupy Buyukdere, is semi-officially denied. The speech of Lord Hartington was moderate, being confined to the question of constitutional rights. In reference to the question of the rights of Parliament and the prerogative of the Crown, the Attorney-General and Mr. Gladstone argued legal points. The second tranche of the Australian sales of wool was held yesterday. Prices were steady and a considerable amount was taken up. The Bank of New Zealand has notified to the employees that all of them who may be injured by footwear shall be compensated. Mr. Sheehan has formally arranged matters in connection with the obstruction to the Land Court at Waikato. Several blocks will be adjudicated upon, and others will await Mr. Sheehan's visit to the Waikato country. At the Gas Company's annual meeting today a highly satisfactory report was presented, and a dividend of ten per cent. was declared. The long-expected meeting of Maoris took place yesterday at the Kaiapoi Pa. About 170 were present. At Greytown, the football match between a team of Christchurch and the Greytown players resulted in a draw. The Borough Council have decided to proceed with the construction of the new waterworks. An inquiry was held in the boiler explosion which occurred yesterday. A verdict of accidental death was returned. The weather is fine and the roads are in fair order. The Poverty Bay Herald has published the following letter on the eve of the Queen's birthday celebrations.

NEWS BY CABLE.
(REUTER'S SPECIAL TO PRESS AGENCY.)
LONDON, May 21.

The statement that General Todleben had sent an ultimatum to the Porte, demanding that the Turks should evacuate Shumla, Varna, and Batoum, and that the Russians should occupy Buyukdere, is semi-officially denied. The speech of Lord Hartington was moderate, being confined to the question of constitutional rights. In reference to the question of the rights of Parliament and the prerogative of the Crown, the Attorney-General and Mr. Gladstone argued legal points. The second tranche of the Australian sales of wool was held yesterday. Prices were steady and a considerable amount was taken up. The Bank of New Zealand has notified to the employees that all of them who may be injured by footwear shall be compensated. Mr. Sheehan has formally arranged matters in connection with the obstruction to the Land Court at Waikato. Several blocks will be adjudicated upon, and others will await Mr. Sheehan's visit to the Waikato country. At the Gas Company's annual meeting today a highly satisfactory report was presented, and a dividend of ten per cent. was declared. The long-expected meeting of Maoris took place yesterday at the Kaiapoi Pa. About 170 were present. At Greytown, the football match between a team of Christchurch and the Greytown players resulted in a draw. The Borough Council have decided to proceed with the construction of the new waterworks. An inquiry was held in the boiler explosion which occurred yesterday. A verdict of accidental death was returned. The weather is fine and the roads are in fair order. The Poverty Bay Herald has published the following letter on the eve of the Queen's birthday celebrations.

SPECIAL TELEGRAM.
LONDON, May 22.

The statement that General Todleben had sent an ultimatum to the Porte, demanding that the Turks should evacuate Shumla, Varna, and Batoum, and that the Russians should occupy Buyukdere, is semi-officially denied. The speech of Lord Hartington was moderate, being confined to the question of constitutional rights. In reference to the question of the rights of Parliament and the prerogative of the Crown, the Attorney-General and Mr. Gladstone argued legal points. The second tranche of the Australian sales of wool was held yesterday. Prices were steady and a considerable amount was taken up. The Bank of New Zealand has notified to the employees that all of them who may be injured by footwear shall be compensated. Mr. Sheehan has formally arranged matters in connection with the obstruction to the Land Court at Waikato. Several blocks will be adjudicated upon, and others will await Mr. Sheehan's visit to the Waikato country. At the Gas Company's annual meeting today a highly satisfactory report was presented, and a dividend of ten per cent. was declared. The long-expected meeting of Maoris took place yesterday at the Kaiapoi Pa. About 170 were present. At Greytown, the football match between a team of Christchurch and the Greytown players resulted in a draw. The Borough Council have decided to proceed with the construction of the new waterworks. An inquiry was held in the boiler explosion which occurred yesterday. A verdict of accidental death was returned. The weather is fine and the roads are in fair order. The Poverty Bay Herald has published the following letter on the eve of the Queen's birthday celebrations.

TELEGRAPHIC NEWS.
(PER PRESS AGENCY.)

The statement that General Todleben had sent an ultimatum to the Porte, demanding that the Turks should evacuate Shumla, Varna, and Batoum, and that the Russians should occupy Buyukdere, is semi-officially denied. The speech of Lord Hartington was moderate, being confined to the question of constitutional rights. In reference to the question of the rights of Parliament and the prerogative of the Crown, the Attorney-General and Mr. Gladstone argued legal points. The second tranche of the Australian sales of wool was held yesterday. Prices were steady and a considerable amount was taken up. The Bank of New Zealand has notified to the employees that all of them who may be injured by footwear shall be compensated. Mr. Sheehan has formally arranged matters in connection with the obstruction to the Land Court at Waikato. Several blocks will be adjudicated upon, and others will await Mr. Sheehan's visit to the Waikato country. At the Gas Company's annual meeting today a highly satisfactory report was presented, and a dividend of ten per cent. was declared. The long-expected meeting of Maoris took place yesterday at the Kaiapoi Pa. About 170 were present. At Greytown, the football match between a team of Christchurch and the Greytown players resulted in a draw. The Borough Council have decided to proceed with the construction of the new waterworks. An inquiry was held in the boiler explosion which occurred yesterday. A verdict of accidental death was returned. The weather is fine and the roads are in fair order. The Poverty Bay Herald has published the following letter on the eve of the Queen's birthday celebrations.

The statement that General Todleben had sent an ultimatum to the Porte, demanding that the Turks should evacuate Shumla, Varna, and Batoum, and that the Russians should occupy Buyukdere, is semi-officially denied. The speech of Lord Hartington was moderate, being confined to the question of constitutional rights. In reference to the question of the rights of Parliament and the prerogative of the Crown, the Attorney-General and Mr. Gladstone argued legal points. The second tranche of the Australian sales of wool was held yesterday. Prices were steady and a considerable amount was taken up. The Bank of New Zealand has notified to the employees that all of them who may be injured by footwear shall be compensated. Mr. Sheehan has formally arranged matters in connection with the obstruction to the Land Court at Waikato. Several blocks will be adjudicated upon, and others will await Mr. Sheehan's visit to the Waikato country. At the Gas Company's annual meeting today a highly satisfactory report was presented, and a dividend of ten per cent. was declared. The long-expected meeting of Maoris took place yesterday at the Kaiapoi Pa. About 170 were present. At Greytown, the football match between a team of Christchurch and the Greytown players resulted in a draw. The Borough Council have decided to proceed with the construction of the new waterworks. An inquiry was held in the boiler explosion which occurred yesterday. A verdict of accidental death was returned. The weather is fine and the roads are in fair order. The Poverty Bay Herald has published the following letter on the eve of the Queen's birthday celebrations.

OSBORNE.
(FROM OUR OWN CORRESPONDENT.)

The statement that General Todleben had sent an ultimatum to the Porte, demanding that the Turks should evacuate Shumla, Varna, and Batoum, and that the Russians should occupy Buyukdere, is semi-officially denied. The speech of Lord Hartington was moderate, being confined to the question of constitutional rights. In reference to the question of the rights of Parliament and the prerogative of the Crown, the Attorney-General and Mr. Gladstone argued legal points. The second tranche of the Australian sales of wool was held yesterday. Prices were steady and a considerable amount was taken up. The Bank of New Zealand has notified to the employees that all of them who may be injured by footwear shall be compensated. Mr. Sheehan has formally arranged matters in connection with the obstruction to the Land Court at Waikato. Several blocks will be adjudicated upon, and others will await Mr. Sheehan's visit to the Waikato country. At the Gas Company's annual meeting today a highly satisfactory report was presented, and a dividend of ten per cent. was declared. The long-expected meeting of Maoris took place yesterday at the Kaiapoi Pa. About 170 were present. At Greytown, the football match between a team of Christchurch and the Greytown players resulted in a draw. The Borough Council have decided to proceed with the construction of the new waterworks. An inquiry was held in the boiler explosion which occurred yesterday. A verdict of accidental death was returned. The weather is fine and the roads are in fair order. The Poverty Bay Herald has published the following letter on the eve of the Queen's birthday celebrations.
